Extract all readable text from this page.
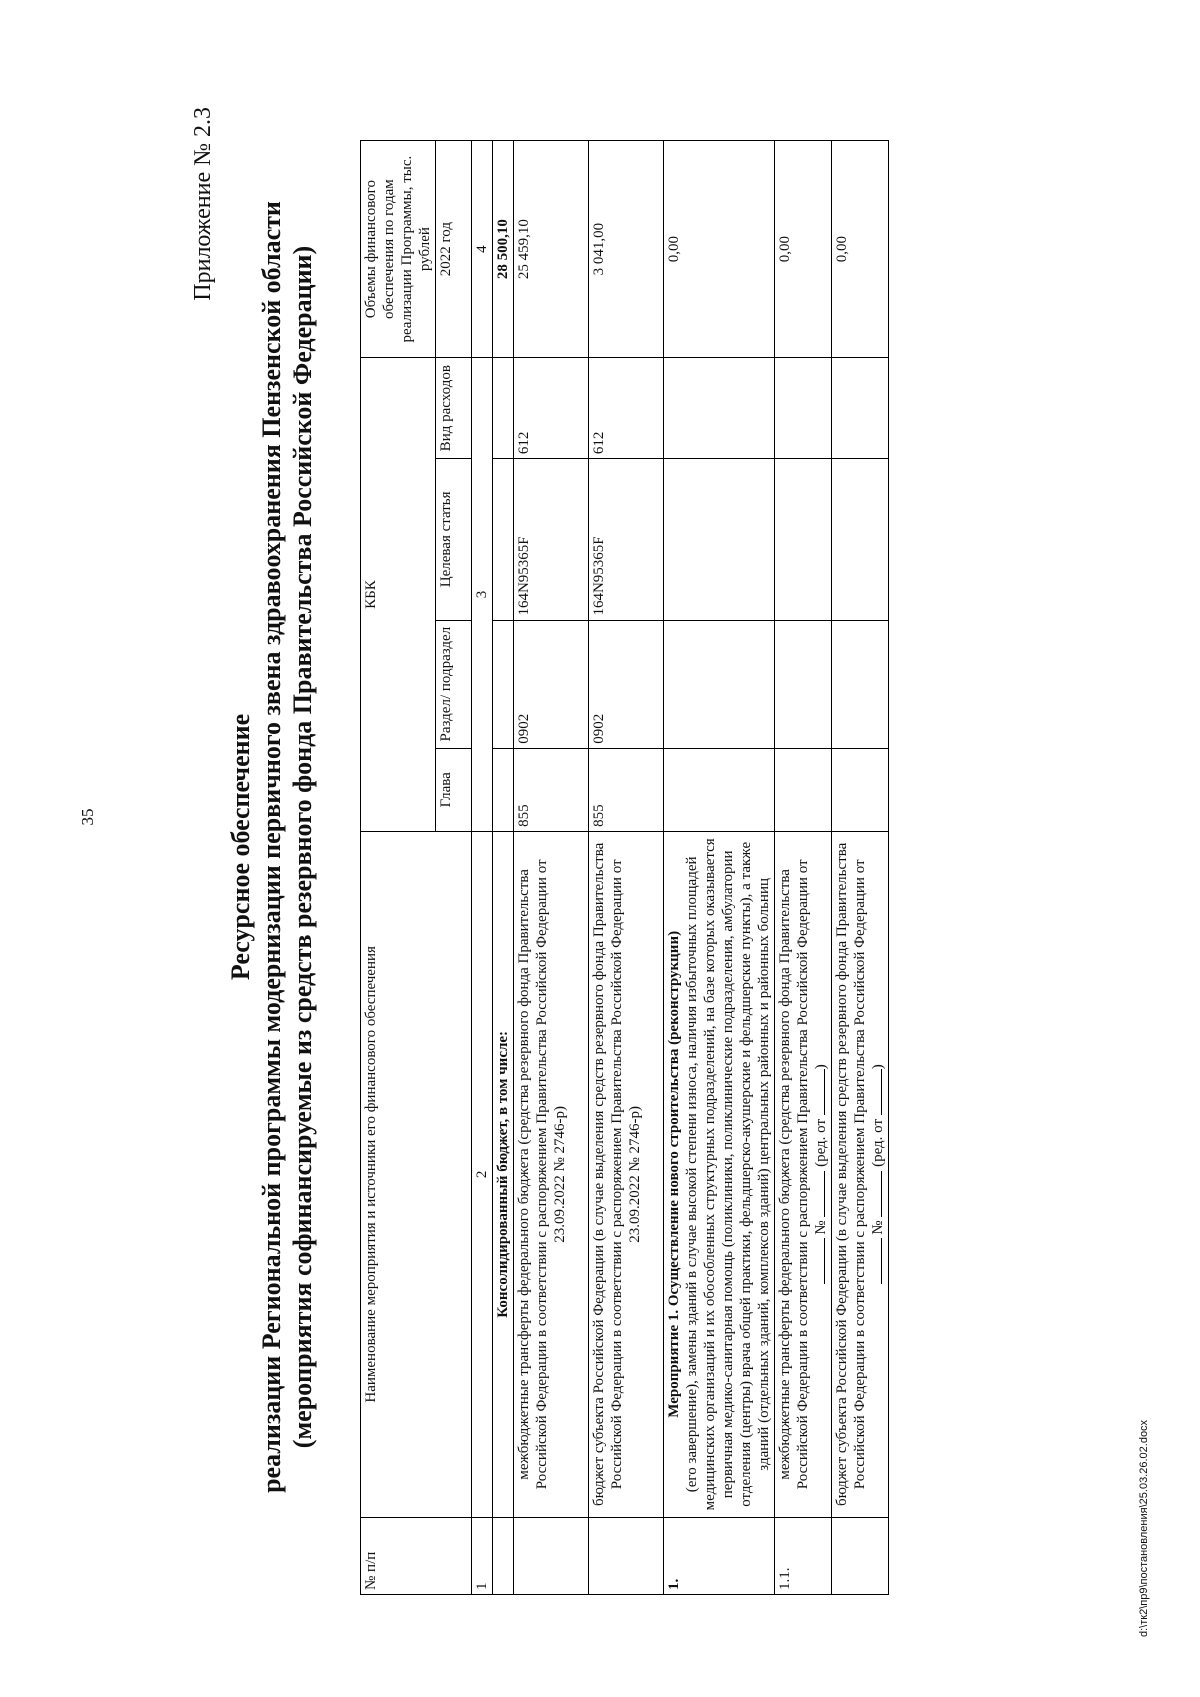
35
Приложение № 2.3
Ресурсное обеспечение реализации Региональной программы модернизации первичного звена здравоохранения Пензенской области (мероприятия софинансируемые из средств резервного фонда Правительства Российской Федерации)
№ п/п	Наименование мероприятия и источники его финансового обеспечения	КБК				Объемы финансового обеспечения по годам реализации Программы, тыс. рублей
		Глава	Раздел/ подраздел	Целевая статья	Вид расходов	2022 год
1	2	3				4
	Консолидированный бюджет, в том числе:					28 500,10
	межбюджетные трансферты федерального бюджета (средства резервного фонда Правительства Российской Федерации в соответствии с распоряжением Правительства Российской Федерации от 23.09.2022 № 2746-р)	855	0902	164N95365F	612	25 459,10
	бюджет субъекта Российской Федерации (в случае выделения средств резервного фонда Правительства Российской Федерации в соответствии с распоряжением Правительства Российской Федерации от 23.09.2022 № 2746-р)	855	0902	164N95365F	612	3 041,00
1.	Мероприятие 1. Осуществление нового строительства (реконструкции) (его завершение), замены зданий в случае высокой степени износа, наличия избыточных площадей медицинских организаций и их обособленных структурных подразделений, на базе которых оказывается первичная медико-санитарная помощь (поликлиники, поликлинические подразделения, амбулатории отделения (центры) врача общей практики, фельдшерско-акушерские и фельдшерские пункты), а также зданий (отдельных зданий, комплексов зданий) центральных районных и районных больниц					0,00
1.1.	межбюджетные трансферты федерального бюджета (средства резервного фонда Правительства Российской Федерации в соответствии с распоряжением Правительства Российской Федерации от №  (ред. от )					0,00
	бюджет субъекта Российской Федерации (в случае выделения средств резервного фонда Правительства Российской Федерации в соответствии с распоряжением Правительства Российской Федерации от №  (ред. от )					0,00
d:\тк2\пр9\постановления\25.03.26.02.docx
